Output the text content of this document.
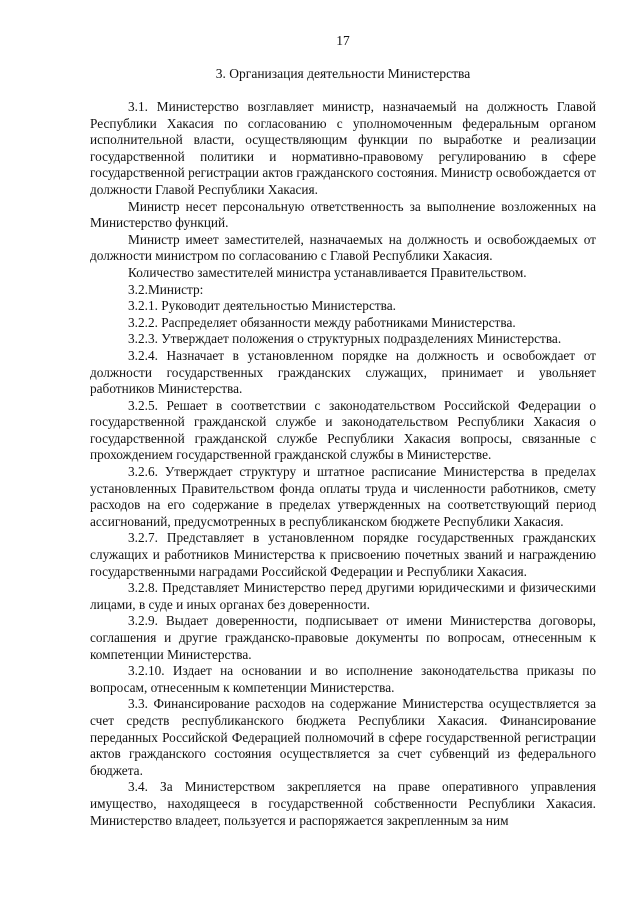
17
3. Организация деятельности Министерства

3.1. Министерство возглавляет министр, назначаемый на должность Главой Республики Хакасия по согласованию с уполномоченным федеральным органом исполнительной власти, осуществляющим функции по выработке и реализации государственной политики и нормативно-правовому регулированию в сфере государственной регистрации актов гражданского состояния. Министр освобождается от должности Главой Республики Хакасия.

Министр несет персональную ответственность за выполнение возложенных на Министерство функций.

Министр имеет заместителей, назначаемых на должность и освобождаемых от должности министром по согласованию с Главой Республики Хакасия.

Количество заместителей министра устанавливается Правительством.

3.2.Министр:

3.2.1. Руководит деятельностью Министерства.

3.2.2. Распределяет обязанности между работниками Министерства.

3.2.3. Утверждает положения о структурных подразделениях Министерства.

3.2.4. Назначает в установленном порядке на должность и освобождает от должности государственных гражданских служащих, принимает и увольняет работников Министерства.

3.2.5. Решает в соответствии с законодательством Российской Федерации о государственной гражданской службе и законодательством Республики Хакасия о государственной гражданской службе Республики Хакасия вопросы, связанные с прохождением государственной гражданской службы в Министерстве.

3.2.6. Утверждает структуру и штатное расписание Министерства в пределах установленных Правительством фонда оплаты труда и численности работников, смету расходов на его содержание в пределах утвержденных на соответствующий период ассигнований, предусмотренных в республиканском бюджете Республики Хакасия.

3.2.7. Представляет в установленном порядке государственных гражданских служащих и работников Министерства к присвоению почетных званий и награждению государственными наградами Российской Федерации и Республики Хакасия.

3.2.8. Представляет Министерство перед другими юридическими и физическими лицами, в суде и иных органах без доверенности.

3.2.9. Выдает доверенности, подписывает от имени Министерства договоры, соглашения и другие гражданско-правовые документы по вопросам, отнесенным к компетенции Министерства.

3.2.10. Издает на основании и во исполнение законодательства приказы по вопросам, отнесенным к компетенции Министерства.

3.3. Финансирование расходов на содержание Министерства осуществляется за счет средств республиканского бюджета Республики Хакасия. Финансирование переданных Российской Федерацией полномочий в сфере государственной регистрации актов гражданского состояния осуществляется за счет субвенций из федерального бюджета.

3.4. За Министерством закрепляется на праве оперативного управления имущество, находящееся в государственной собственности Республики Хакасия. Министерство владеет, пользуется и распоряжается закрепленным за ним
